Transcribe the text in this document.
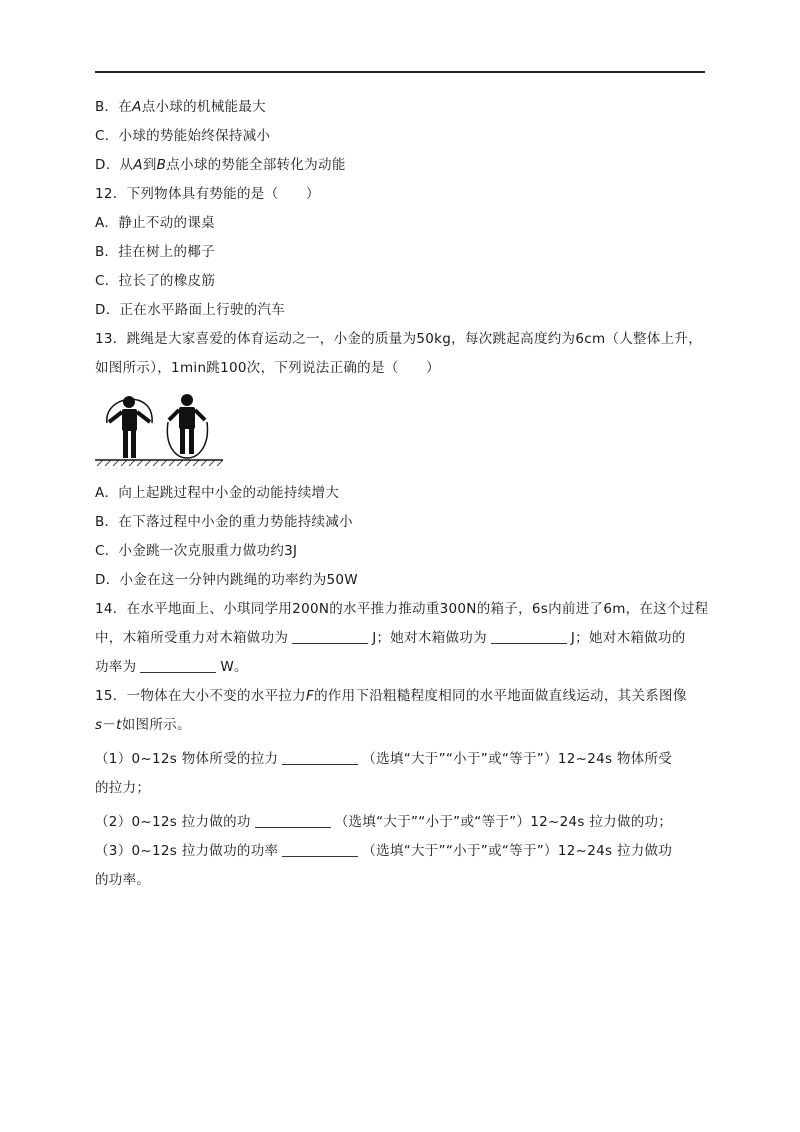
B．在A点小球的机械能最大
C．小球的势能始终保持减小
D．从A到B点小球的势能全部转化为动能
12．下列物体具有势能的是（　　）
A．静止不动的课桌
B．挂在树上的椰子
C．拉长了的橡皮筋
D．正在水平路面上行驶的汽车
13．跳绳是大家喜爱的体育运动之一，小金的质量为50kg，每次跳起高度约为6cm（人整体上升，
如图所示），1min跳100次，下列说法正确的是（　　）
A．向上起跳过程中小金的动能持续增大
B．在下落过程中小金的重力势能持续减小
C．小金跳一次克服重力做功约3J
D．小金在这一分钟内跳绳的功率约为50W
14．在水平地面上、小琪同学用200N的水平推力推动重300N的箱子，6s内前进了6m，在这个过程
中，木箱所受重力对木箱做功为	J；她对木箱做功为	J；她对木箱做功的
功率为	W。
15．一物体在大小不变的水平拉力F的作用下沿粗糙程度相同的水平地面做直线运动，其关系图像
s－t如图所示。
（1）0~12s 物体所受的拉力	（选填“大于”“小于”或“等于”）12~24s 物体所受
的拉力；
（2）0~12s 拉力做的功	（选填“大于”“小于”或“等于”）12~24s 拉力做的功；
（3）0~12s 拉力做功的功率	（选填“大于”“小于”或“等于”）12~24s 拉力做功
的功率。
